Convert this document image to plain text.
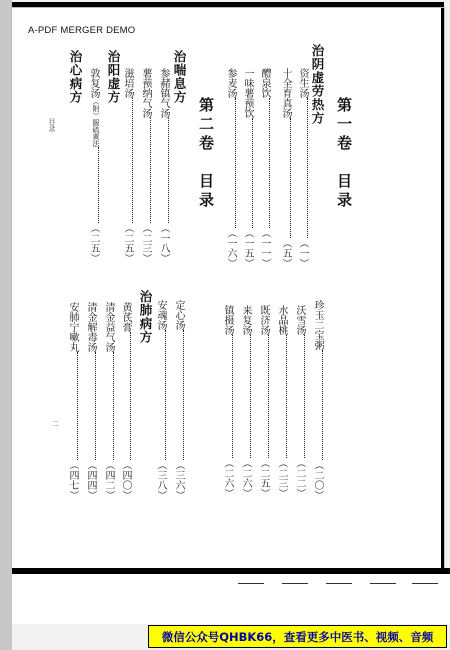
A-PDF MERGER DEMO
第一卷　目录
第二卷　目录
治阴虚劳热方
治喘息方
治阳虚方
治心病方	资生汤
（一）
十全育真汤
（五）
醴泉饮
（一一）
一味薯蓣饮
（一五）
参麦汤
（一六）
参赭镇气汤
（一八）
薯蓣纳气汤
（二三）
滋培汤
（二五）
敦复汤
（附）服硫黄法
（二五）
治肺病方	珍玉二宝粥
（二〇）
沃雪汤
（二二）
水晶桃
（二三）
既济汤
（二五）
来复汤
（二六）
镇摄汤
（二六）
定心汤
（三六）
安魂汤
（三八）
黄芪膏
（四〇）
清金益气汤
（四二）
清金解毒汤
（四四）
安肺宁嗽丸
（四七）
目录
二
微信公众号QHBK66，查看更多中医书、视频、音频
